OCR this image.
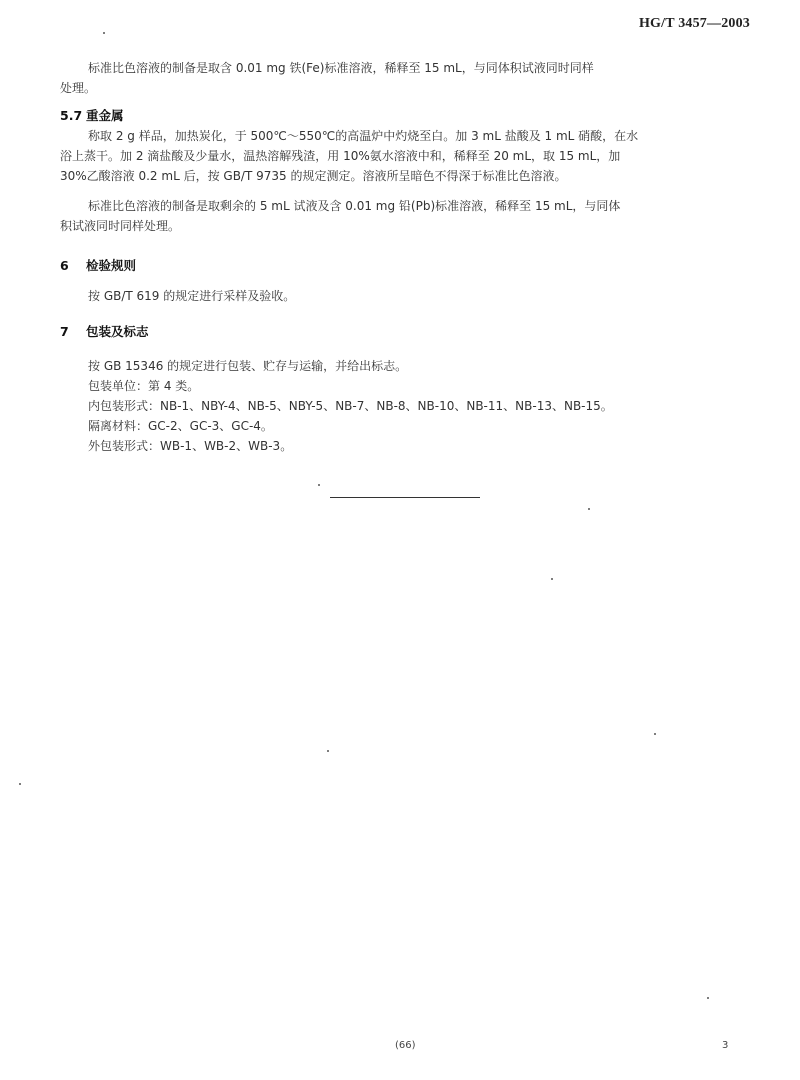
HG/T 3457—2003

标准比色溶液的制备是取含 0.01 mg 铁(Fe)标准溶液，稀释至 15 mL，与同体积试液同时同样

处理。

5.7 重金属

称取 2 g 样品，加热炭化，于 500℃～550℃的高温炉中灼烧至白。加 3 mL 盐酸及 1 mL 硝酸，在水

浴上蒸干。加 2 滴盐酸及少量水，温热溶解残渣，用 10%氨水溶液中和，稀释至 20 mL，取 15 mL，加

30%乙酸溶液 0.2 mL 后，按 GB/T 9735 的规定测定。溶液所呈暗色不得深于标准比色溶液。

标准比色溶液的制备是取剩余的 5 mL 试液及含 0.01 mg 铅(Pb)标准溶液，稀释至 15 mL，与同体

积试液同时同样处理。

6 检验规则

按 GB/T 619 的规定进行采样及验收。

7 包装及标志

按 GB 15346 的规定进行包装、贮存与运输，并给出标志。

包装单位：第 4 类。

内包装形式：NB-1、NBY-4、NB-5、NBY-5、NB-7、NB-8、NB-10、NB-11、NB-13、NB-15。

隔离材料：GC-2、GC-3、GC-4。

外包装形式：WB-1、WB-2、WB-3。

(66)	3
